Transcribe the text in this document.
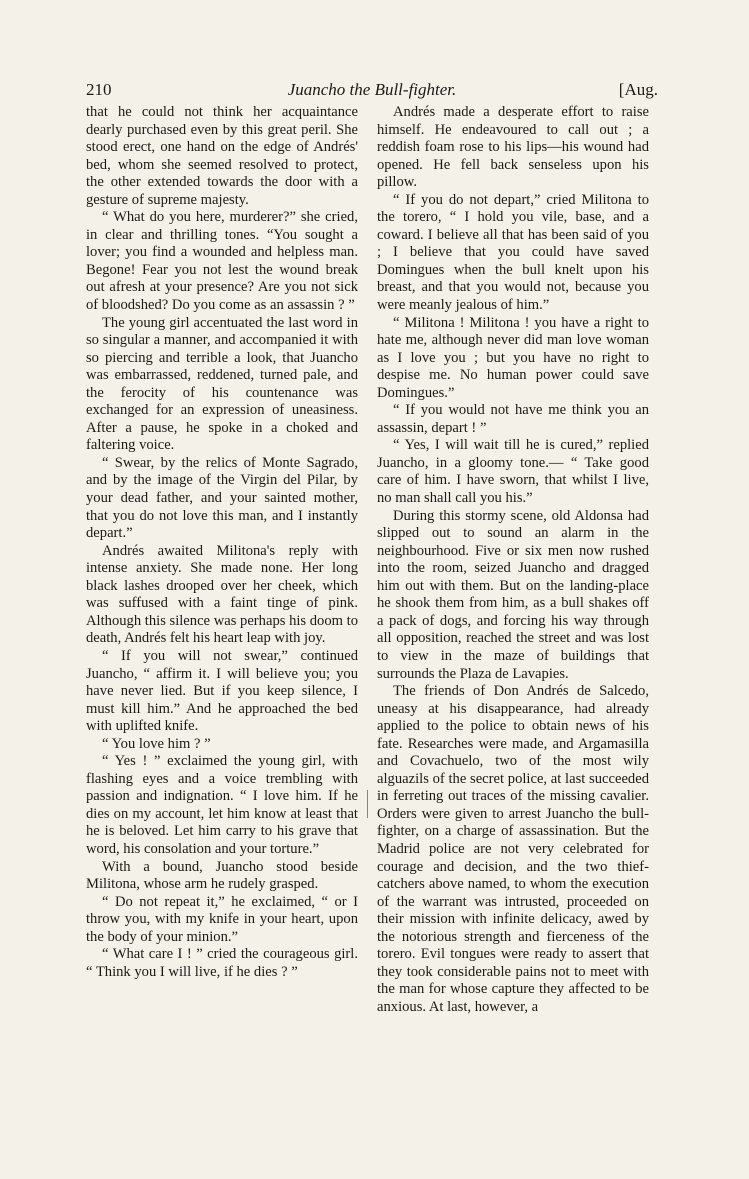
210	Juancho the Bull-fighter.	[Aug.

that he could not think her acquaintance dearly purchased even by this great peril. She stood erect, one hand on the edge of Andrés' bed, whom she seemed resolved to protect, the other extended towards the door with a gesture of supreme majesty.

“ What do you here, murderer?” she cried, in clear and thrilling tones. “You sought a lover; you find a wounded and helpless man. Begone! Fear you not lest the wound break out afresh at your presence? Are you not sick of bloodshed? Do you come as an assassin ? ”

The young girl accentuated the last word in so singular a manner, and accompanied it with so piercing and terrible a look, that Juancho was embarrassed, reddened, turned pale, and the ferocity of his countenance was exchanged for an expression of uneasiness. After a pause, he spoke in a choked and faltering voice.

“ Swear, by the relics of Monte Sagrado, and by the image of the Virgin del Pilar, by your dead father, and your sainted mother, that you do not love this man, and I instantly depart.”

Andrés awaited Militona's reply with intense anxiety. She made none. Her long black lashes drooped over her cheek, which was suffused with a faint tinge of pink. Although this silence was perhaps his doom to death, Andrés felt his heart leap with joy.

“ If you will not swear,” continued Juancho, “ affirm it. I will believe you; you have never lied. But if you keep silence, I must kill him.” And he approached the bed with uplifted knife.

“ You love him ? ”

“ Yes ! ” exclaimed the young girl, with flashing eyes and a voice trembling with passion and indignation. “ I love him. If he dies on my account, let him know at least that he is beloved. Let him carry to his grave that word, his consolation and your torture.”

With a bound, Juancho stood beside Militona, whose arm he rudely grasped.

“ Do not repeat it,” he exclaimed, “ or I throw you, with my knife in your heart, upon the body of your minion.”

“ What care I ! ” cried the courageous girl. “ Think you I will live, if he dies ? ”

Andrés made a desperate effort to raise himself. He endeavoured to call out ; a reddish foam rose to his lips—his wound had opened. He fell back senseless upon his pillow.

“ If you do not depart,” cried Militona to the torero, “ I hold you vile, base, and a coward. I believe all that has been said of you ; I believe that you could have saved Domingues when the bull knelt upon his breast, and that you would not, because you were meanly jealous of him.”

“ Militona ! Militona ! you have a right to hate me, although never did man love woman as I love you ; but you have no right to despise me. No human power could save Domingues.”

“ If you would not have me think you an assassin, depart ! ”

“ Yes, I will wait till he is cured,” replied Juancho, in a gloomy tone.— “ Take good care of him. I have sworn, that whilst I live, no man shall call you his.”

During this stormy scene, old Aldonsa had slipped out to sound an alarm in the neighbourhood. Five or six men now rushed into the room, seized Juancho and dragged him out with them. But on the landing-place he shook them from him, as a bull shakes off a pack of dogs, and forcing his way through all opposition, reached the street and was lost to view in the maze of buildings that surrounds the Plaza de Lavapies.

The friends of Don Andrés de Salcedo, uneasy at his disappearance, had already applied to the police to obtain news of his fate. Researches were made, and Argamasilla and Covachuelo, two of the most wily alguazils of the secret police, at last succeeded in ferreting out traces of the missing cavalier. Orders were given to arrest Juancho the bull-fighter, on a charge of assassination. But the Madrid police are not very celebrated for courage and decision, and the two thief-catchers above named, to whom the execution of the warrant was intrusted, proceeded on their mission with infinite delicacy, awed by the notorious strength and fierceness of the torero. Evil tongues were ready to assert that they took considerable pains not to meet with the man for whose capture they affected to be anxious. At last, however, a
